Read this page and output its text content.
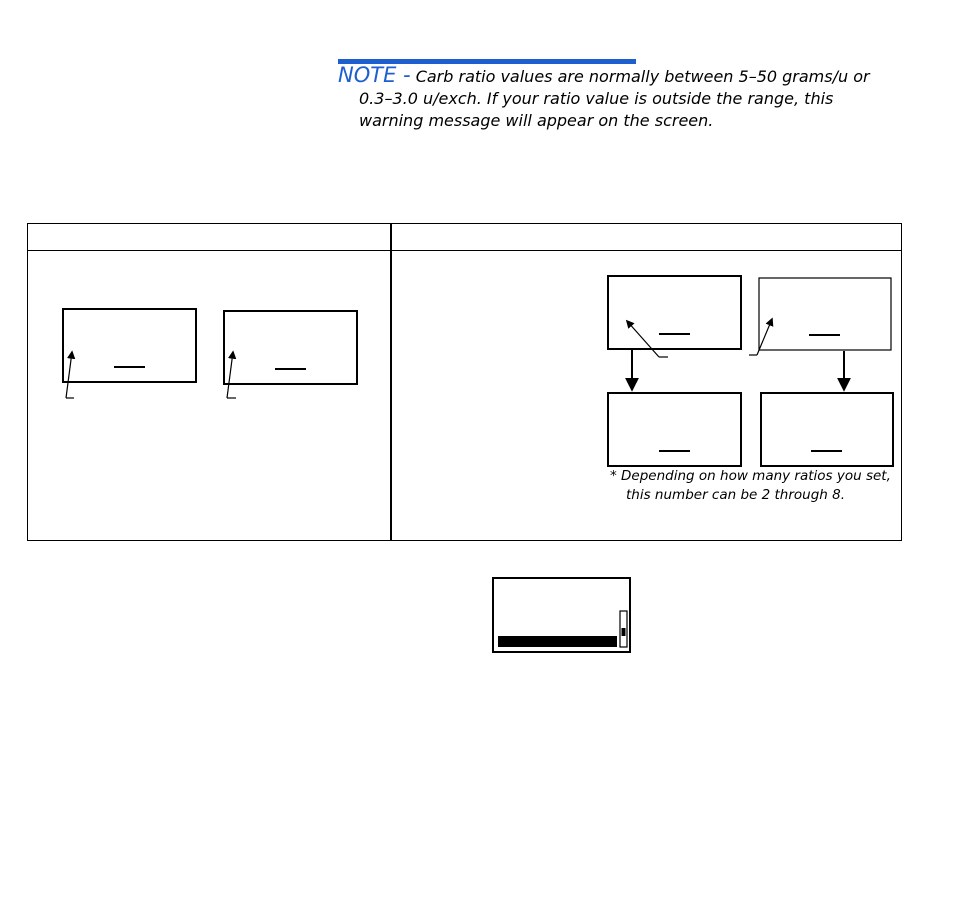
NOTE - Carb ratio values are normally between 5–50 grams/u or
0.3–3.0 u/exch. If your ratio value is outside the range, this
warning message will appear on the screen.
* Depending on how many ratios you set,
this number can be 2 through 8.
